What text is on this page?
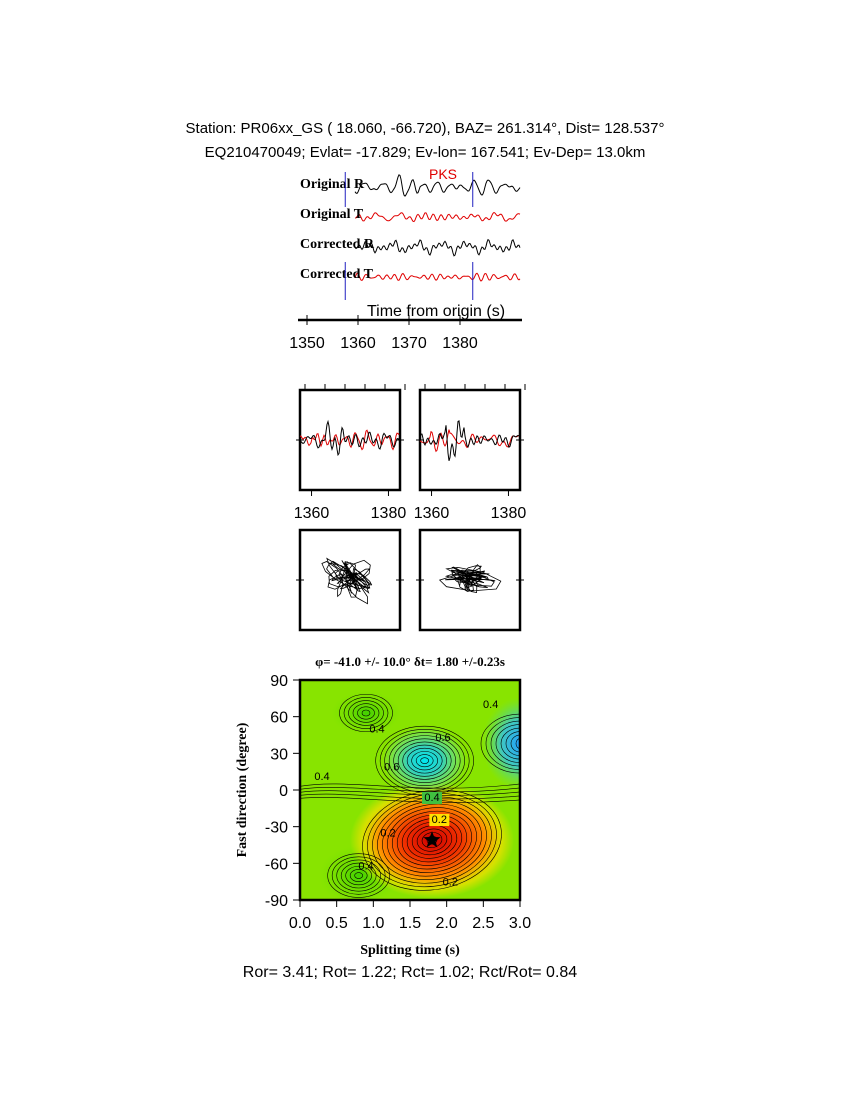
Station: PR06xx_GS ( 18.060, -66.720), BAZ= 261.314°, Dist= 128.537°
EQ210470049; Evlat= -17.829; Ev-lon= 167.541; Ev-Dep= 13.0km
Original R
Original T
Corrected R
Corrected T
PKS
1350 1360 1370 1380
Time from origin (s)
1360	1380 1360	1380
0.4
0.4
0.6
0.6
0.4
0.4
0.2
0.2
0.4
0.2
0.0 0.5 1.0 1.5 2.0 2.5 3.0
-90
-60
-30
0
30
60
90
φ= -41.0 +/- 10.0° δt= 1.80 +/-0.23s
Splitting time (s)
Fast direction (degree)
Ror= 3.41; Rot= 1.22; Rct= 1.02; Rct/Rot= 0.84
